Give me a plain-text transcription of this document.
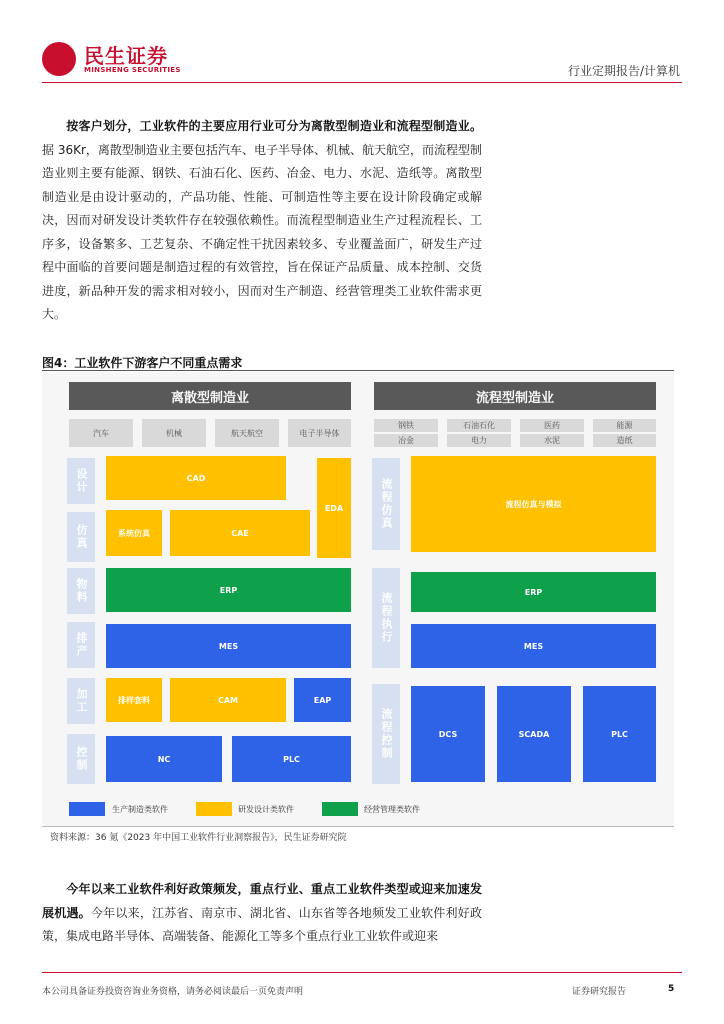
民生证券
MINSHENG SECURITIES	行业定期报告/计算机
按客户划分，工业软件的主要应用行业可分为离散型制造业和流程型制造业。据 36Kr，离散型制造业主要包括汽车、电子半导体、机械、航天航空，而流程型制造业则主要有能源、钢铁、石油石化、医药、冶金、电力、水泥、造纸等。离散型制造业是由设计驱动的，产品功能、性能、可制造性等主要在设计阶段确定或解决，因而对研发设计类软件存在较强依赖性。而流程型制造业生产过程流程长、工序多，设备繁多、工艺复杂、不确定性干扰因素较多、专业覆盖面广，研发生产过程中面临的首要问题是制造过程的有效管控，旨在保证产品质量、成本控制、交货进度，新品种开发的需求相对较小，因而对生产制造、经营管理类工业软件需求更大。
图4：工业软件下游客户不同重点需求
离散型制造业
汽车	机械	航天航空	电子半导体
设计
仿真
物料
排产
加工
控制
CAD
EDA
系统仿真	CAE
ERP
MES
排样套料	CAM	EAP
NC	PLC
流程型制造业
钢铁	石油石化	医药	能源
冶金	电力	水泥	造纸
流程仿真
流程执行
流程控制
流程仿真与模拟
ERP
MES
DCS	SCADA	PLC
生产制造类软件	研发设计类软件	经营管理类软件
资料来源：36 氪《2023 年中国工业软件行业洞察报告》，民生证券研究院
今年以来工业软件利好政策频发，重点行业、重点工业软件类型或迎来加速发展机遇。今年以来，江苏省、南京市、湖北省、山东省等各地频发工业软件利好政策，集成电路半导体、高端装备、能源化工等多个重点行业工业软件或迎来
本公司具备证券投资咨询业务资格，请务必阅读最后一页免责声明	证券研究报告	5
